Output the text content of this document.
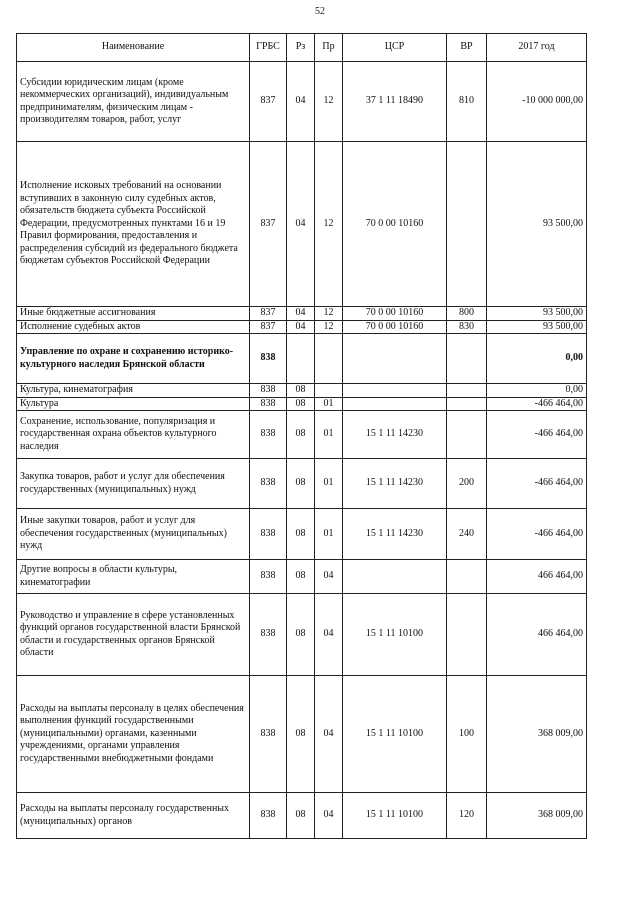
52
Наименование	ГРБС	Рз	Пр	ЦСР	ВР	2017 год
Субсидии юридическим лицам (кроме некоммерческих организаций), индивидуальным предпринимателям, физическим лицам - производителям товаров, работ, услуг	837	04	12	37 1 11 18490	810	-10 000 000,00
Исполнение исковых требований на основании вступивших в законную силу судебных актов, обязательств бюджета субъекта Российской Федерации, предусмотренных пунктами 16 и 19 Правил формирования, предоставления и распределения субсидий из федерального бюджета бюджетам субъектов Российской Федерации	837	04	12	70 0 00 10160		93 500,00
Иные бюджетные ассигнования	837	04	12	70 0 00 10160	800	93 500,00
Исполнение судебных актов	837	04	12	70 0 00 10160	830	93 500,00
Управление по охране и сохранению историко-культурного наследия Брянской области	838					0,00
Культура, кинематография	838	08				0,00
Культура	838	08	01			-466 464,00
Сохранение, использование, популяризация и государственная охрана объектов культурного наследия	838	08	01	15 1 11 14230		-466 464,00
Закупка товаров, работ и услуг для обеспечения государственных (муниципальных) нужд	838	08	01	15 1 11 14230	200	-466 464,00
Иные закупки товаров, работ и услуг для обеспечения государственных (муниципальных) нужд	838	08	01	15 1 11 14230	240	-466 464,00
Другие вопросы в области культуры, кинематографии	838	08	04			466 464,00
Руководство и управление в сфере установленных функций органов государственной власти Брянской области и государственных органов Брянской области	838	08	04	15 1 11 10100		466 464,00
Расходы на выплаты персоналу в целях обеспечения выполнения функций государственными (муниципальными) органами, казенными учреждениями, органами управления государственными внебюджетными фондами	838	08	04	15 1 11 10100	100	368 009,00
Расходы на выплаты персоналу государственных (муниципальных) органов	838	08	04	15 1 11 10100	120	368 009,00
